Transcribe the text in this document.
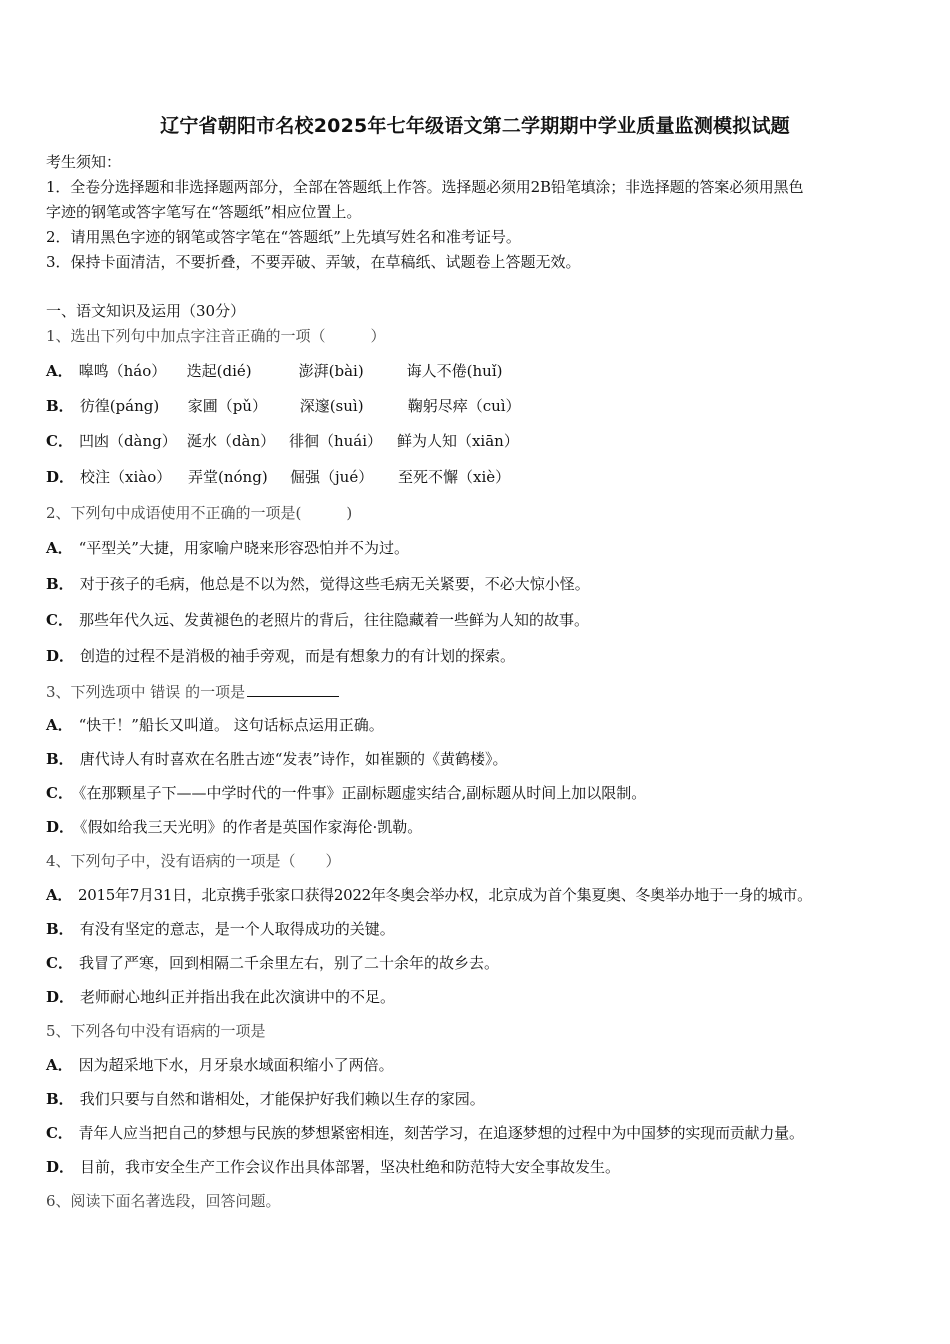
辽宁省朝阳市名校2025年七年级语文第二学期期中学业质量监测模拟试题
考生须知：
1．全卷分选择题和非选择题两部分，全部在答题纸上作答。选择题必须用2B铅笔填涂；非选择题的答案必须用黑色
字迹的钢笔或答字笔写在“答题纸”相应位置上。
2．请用黑色字迹的钢笔或答字笔在“答题纸”上先填写姓名和准考证号。
3．保持卡面清洁，不要折叠，不要弄破、弄皱，在草稿纸、试题卷上答题无效。
一、语文知识及运用（30分）
1、选出下列句中加点字注音正确的一项（　　　）
A． 嗥鸣（háo） 迭起(dié)	澎湃(bài)	诲人不倦(huǐ)
B． 彷徨(páng) 家圃（pǔ） 深邃(suì)	鞠躬尽瘁（cuì）
C． 凹凼（dàng） 涎水（dàn） 徘徊（huái） 鲜为人知（xiān）
D． 校注（xiào） 弄堂(nóng) 倔强（jué） 至死不懈（xiè）
2、下列句中成语使用不正确的一项是(　　　)
A． “平型关”大捷，用家喻户晓来形容恐怕并不为过。
B． 对于孩子的毛病，他总是不以为然，觉得这些毛病无关紧要，不必大惊小怪。
C． 那些年代久远、发黄褪色的老照片的背后，往往隐藏着一些鲜为人知的故事。
D． 创造的过程不是消极的袖手旁观，而是有想象力的有计划的探索。
3、下列选项中 错误 的一项是
A． “快干！”船长又叫道。 这句话标点运用正确。
B． 唐代诗人有时喜欢在名胜古迹“发表”诗作，如崔颢的《黄鹤楼》。
C． 《在那颗星子下——中学时代的一件事》正副标题虚实结合,副标题从时间上加以限制。
D． 《假如给我三天光明》的作者是英国作家海伦·凯勒。
4、下列句子中，没有语病的一项是（　　）
A． 2015年7月31日，北京携手张家口获得2022年冬奥会举办权，北京成为首个集夏奥、冬奥举办地于一身的城市。
B． 有没有坚定的意志，是一个人取得成功的关键。
C． 我冒了严寒，回到相隔二千余里左右，别了二十余年的故乡去。
D． 老师耐心地纠正并指出我在此次演讲中的不足。
5、下列各句中没有语病的一项是
A． 因为超采地下水，月牙泉水域面积缩小了两倍。
B． 我们只要与自然和谐相处，才能保护好我们赖以生存的家园。
C． 青年人应当把自己的梦想与民族的梦想紧密相连，刻苦学习，在追逐梦想的过程中为中国梦的实现而贡献力量。
D． 目前，我市安全生产工作会议作出具体部署，坚决杜绝和防范特大安全事故发生。
6、阅读下面名著选段，回答问题。
